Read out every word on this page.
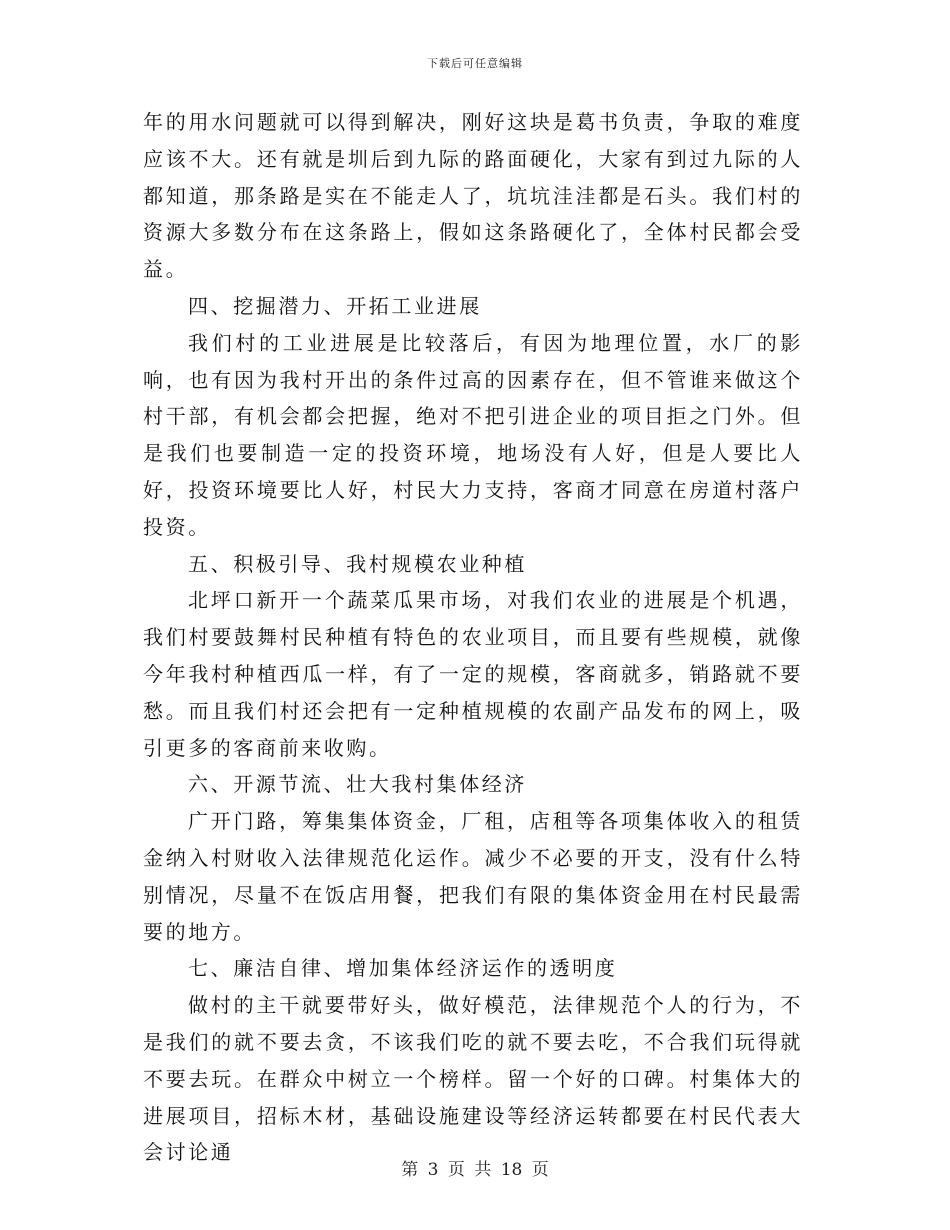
下载后可任意编辑

年的用水问题就可以得到解决，刚好这块是葛书负责，争取的难度应该不大。还有就是圳后到九际的路面硬化，大家有到过九际的人都知道，那条路是实在不能走人了，坑坑洼洼都是石头。我们村的资源大多数分布在这条路上，假如这条路硬化了，全体村民都会受益。

四、挖掘潜力、开拓工业进展

我们村的工业进展是比较落后，有因为地理位置，水厂的影响，也有因为我村开出的条件过高的因素存在，但不管谁来做这个村干部，有机会都会把握，绝对不把引进企业的项目拒之门外。但是我们也要制造一定的投资环境，地场没有人好，但是人要比人好，投资环境要比人好，村民大力支持，客商才同意在房道村落户投资。

五、积极引导、我村规模农业种植

北坪口新开一个蔬菜瓜果市场，对我们农业的进展是个机遇，我们村要鼓舞村民种植有特色的农业项目，而且要有些规模，就像今年我村种植西瓜一样，有了一定的规模，客商就多，销路就不要愁。而且我们村还会把有一定种植规模的农副产品发布的网上，吸引更多的客商前来收购。

六、开源节流、壮大我村集体经济

广开门路，筹集集体资金，厂租，店租等各项集体收入的租赁金纳入村财收入法律规范化运作。减少不必要的开支，没有什么特别情况，尽量不在饭店用餐，把我们有限的集体资金用在村民最需要的地方。

七、廉洁自律、增加集体经济运作的透明度

做村的主干就要带好头，做好模范，法律规范个人的行为，不是我们的就不要去贪，不该我们吃的就不要去吃，不合我们玩得就不要去玩。在群众中树立一个榜样。留一个好的口碑。村集体大的进展项目，招标木材，基础设施建设等经济运转都要在村民代表大会讨论通

第 3 页 共 18 页
